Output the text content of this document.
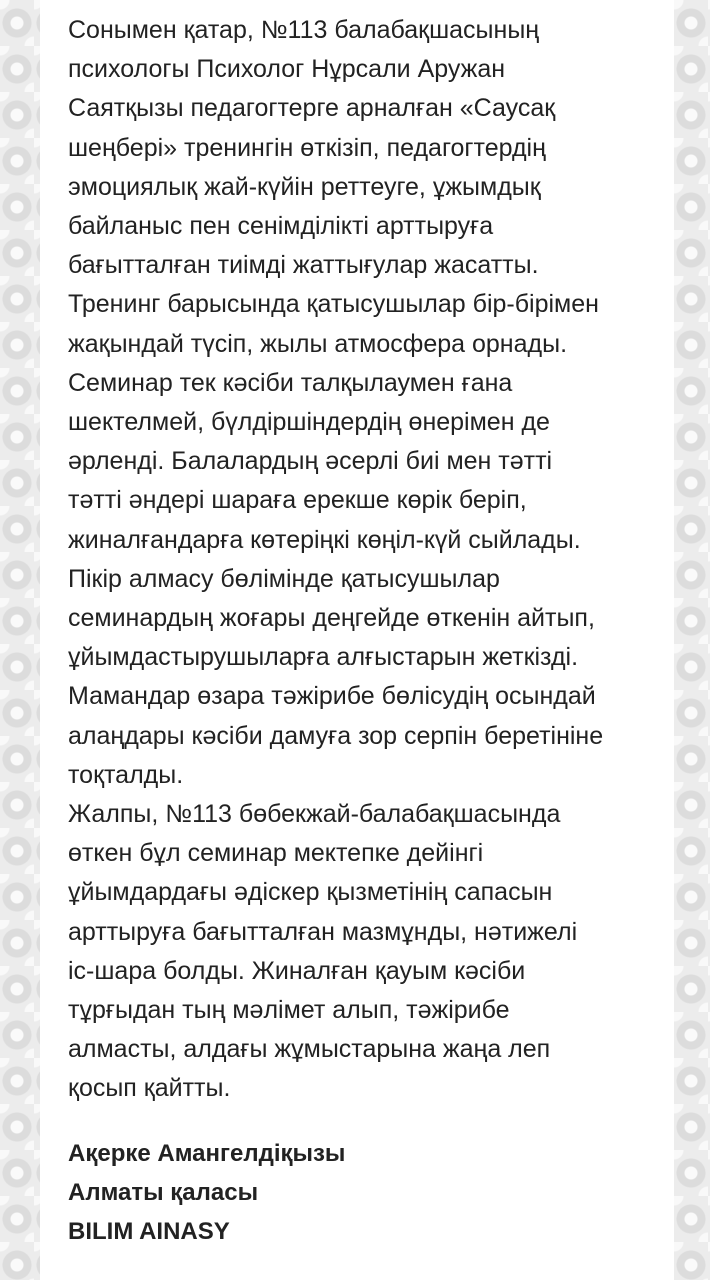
Сонымен қатар, №113 балабақшасының
психологы Психолог Нұрсали Аружан
Саятқызы педагогтерге арналған «Саусақ
шеңбері» тренингін өткізіп, педагогтердің
эмоциялық жай-күйін реттеуге, ұжымдық
байланыс пен сенімділікті арттыруға
бағытталған тиімді жаттығулар жасатты.
Тренинг барысында қатысушылар бір-бірімен
жақындай түсіп, жылы атмосфера орнады.
Семинар тек кәсіби талқылаумен ғана
шектелмей, бүлдіршіндердің өнерімен де
әрленді. Балалардың әсерлі биі мен тәтті
тәтті әндері шараға ерекше көрік беріп,
жиналғандарға көтеріңкі көңіл-күй сыйлады.
Пікір алмасу бөлімінде қатысушылар
семинардың жоғары деңгейде өткенін айтып,
ұйымдастырушыларға алғыстарын жеткізді.
Мамандар өзара тәжірибе бөлісудің осындай
алаңдары кәсіби дамуға зор серпін беретініне
тоқталды.
Жалпы, №113 бөбекжай-балабақшасында
өткен бұл семинар мектепке дейінгі
ұйымдардағы әдіскер қызметінің сапасын
арттыруға бағытталған мазмұнды, нәтижелі
іс-шара болды. Жиналған қауым кәсіби
тұрғыдан тың мәлімет алып, тәжірибе
алмасты, алдағы жұмыстарына жаңа леп
қосып қайтты.

Ақерке Амангелдіқызы
Алматы қаласы
BILIM AINASY
